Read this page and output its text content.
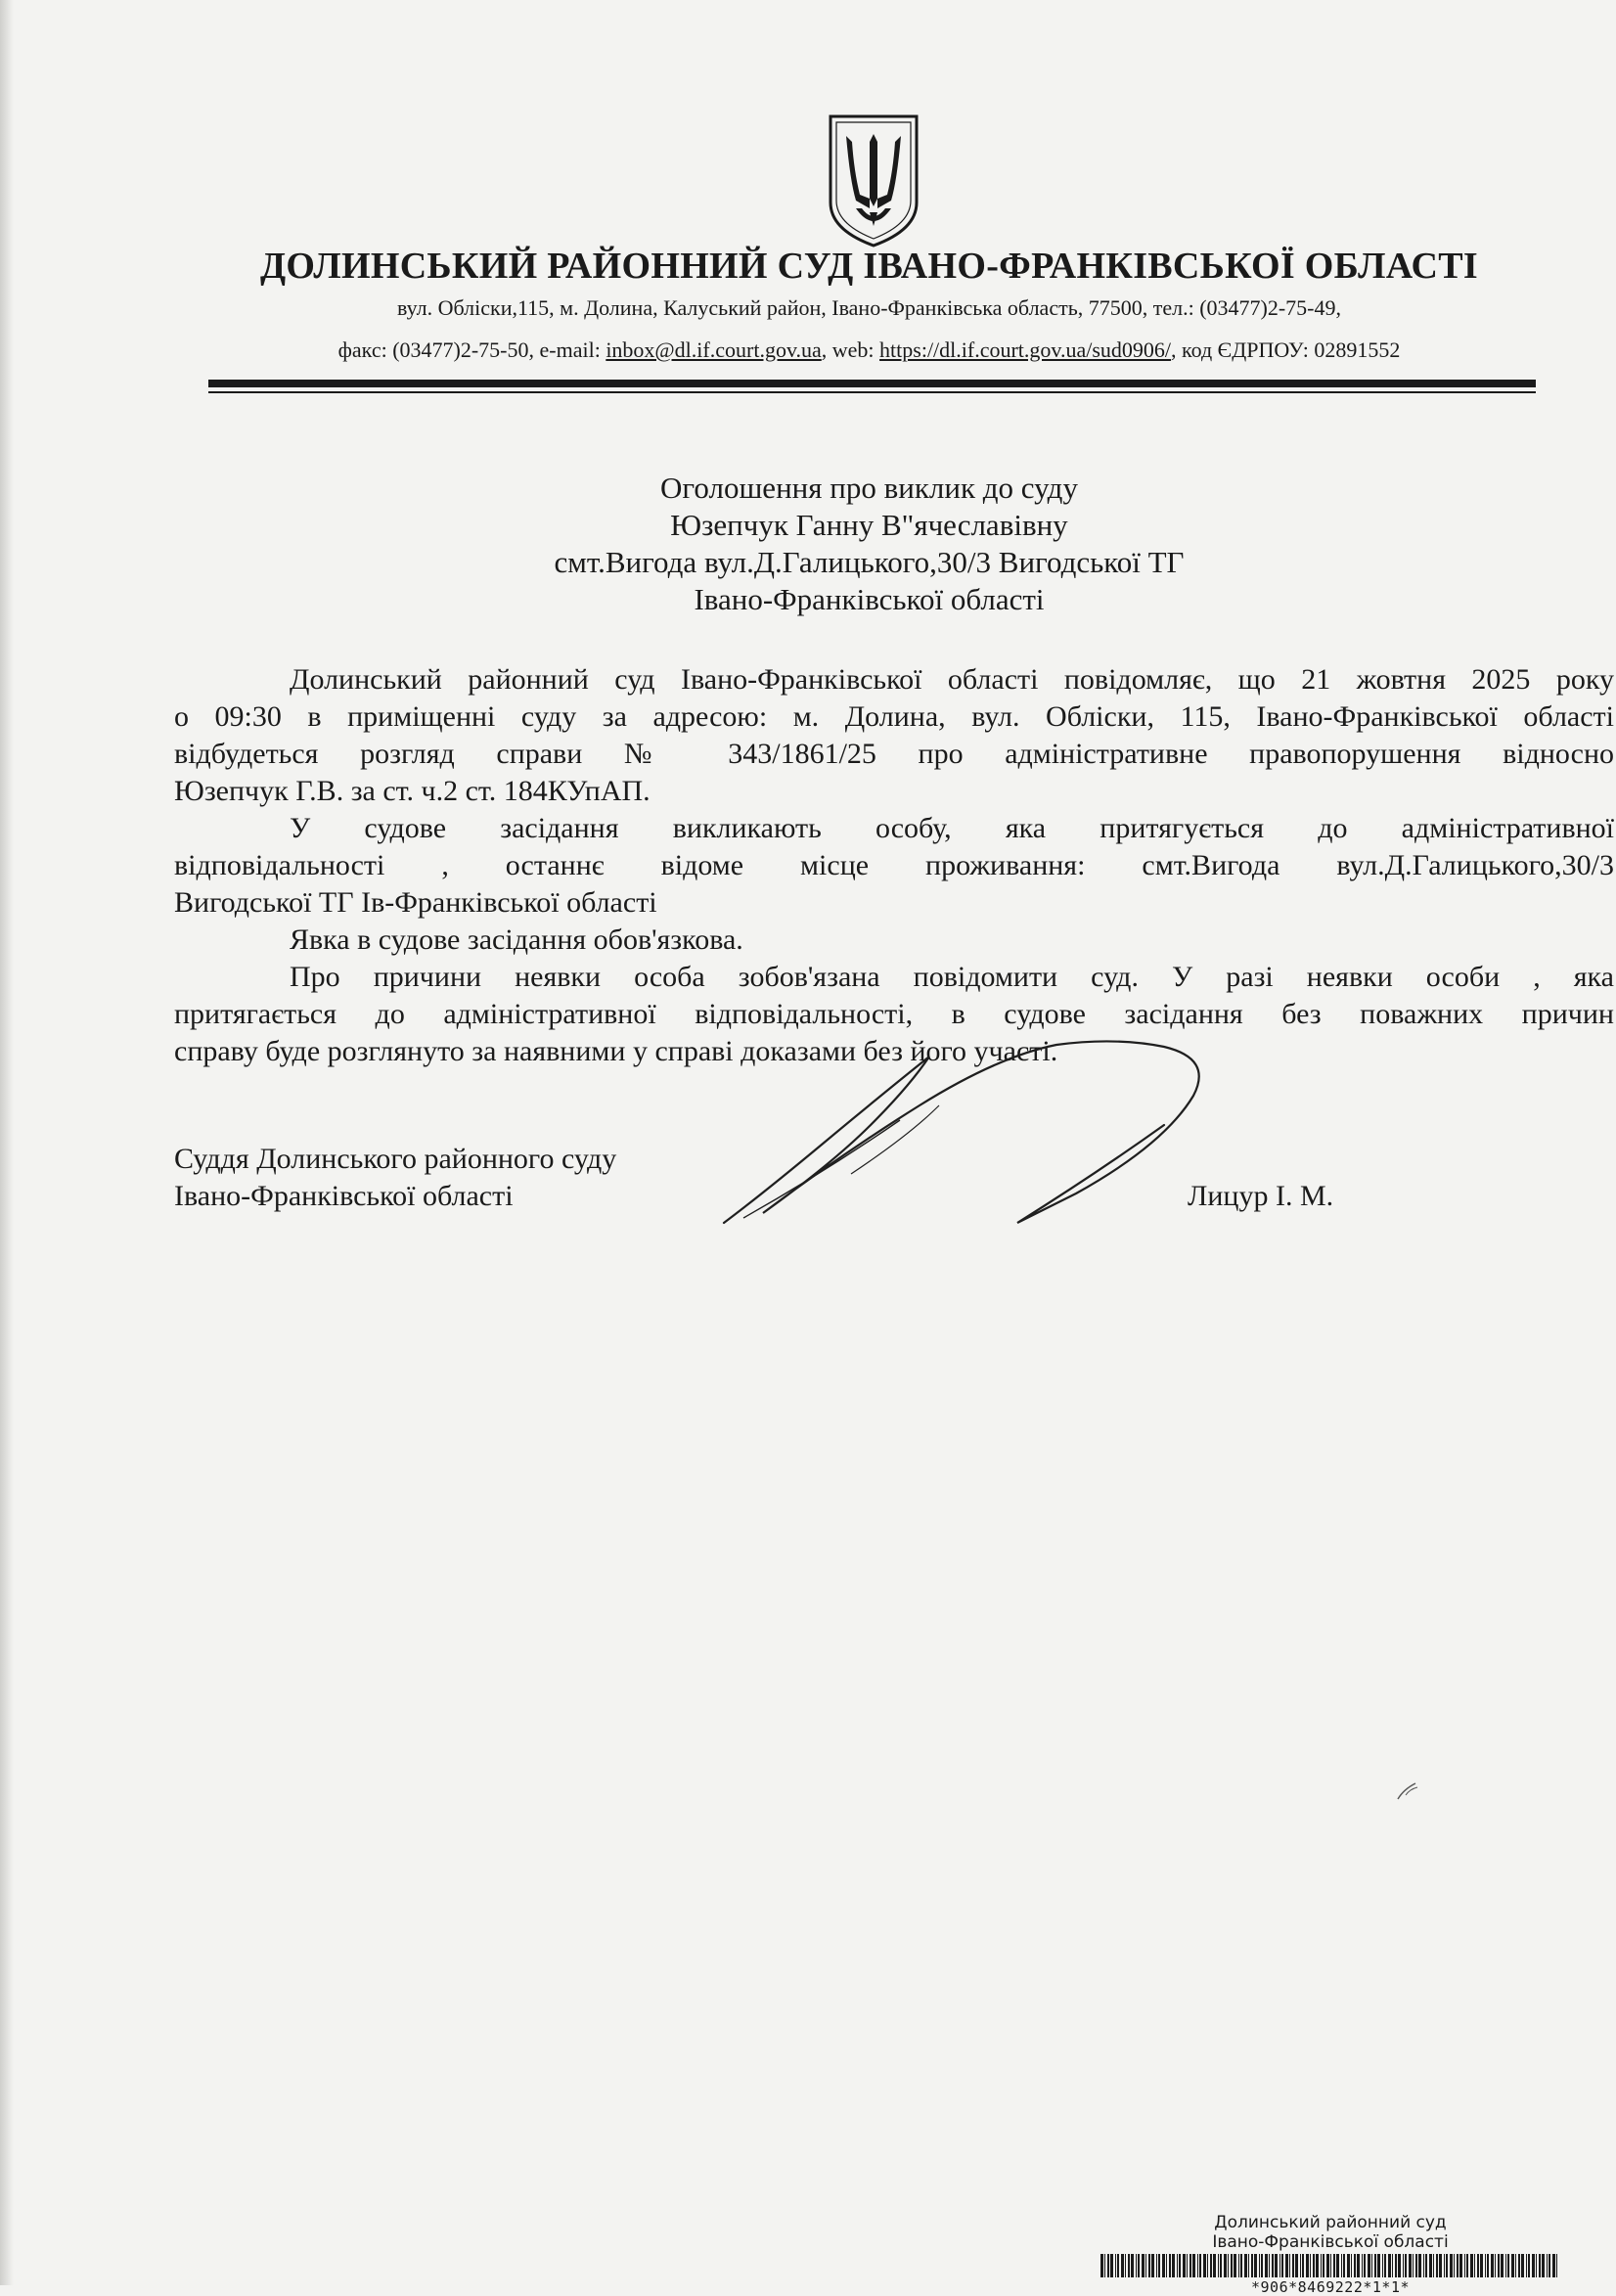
ДОЛИНСЬКИЙ РАЙОННИЙ СУД ІВАНО-ФРАНКІВСЬКОЇ ОБЛАСТІ
вул. Обліски,115, м. Долина, Калуський район, Івано-Франківська область, 77500, тел.: (03477)2-75-49,
факс: (03477)2-75-50, e-mail: inbox@dl.if.court.gov.ua, web: https://dl.if.court.gov.ua/sud0906/, код ЄДРПОУ: 02891552
Оголошення про виклик до суду
Юзепчук Ганну В"ячеславівну
смт.Вигода вул.Д.Галицького,30/3 Вигодської ТГ
Івано-Франківської області
Долинський районний суд Івано-Франківської області повідомляє, що 21 жовтня 2025 року
о 09:30 в приміщенні суду за адресою: м. Долина, вул. Обліски, 115, Івано-Франківської області
відбудеться розгляд справи № 343/1861/25 про адміністративне правопорушення відносно
Юзепчук Г.В. за ст. ч.2 ст. 184КУпАП.
У судове засідання викликають особу, яка притягується до адміністративної
відповідальності , останнє відоме місце проживання: смт.Вигода вул.Д.Галицького,30/3
Вигодської ТГ Ів-Франківської області
Явка в судове засідання обов'язкова.
Про причини неявки особа зобов'язана повідомити суд. У разі неявки особи , яка
притягається до адміністративної відповідальності, в судове засідання без поважних причин
справу буде розглянуто за наявними у справі доказами без його участі.
Суддя Долинського районного суду
Івано-Франківської області	Лицур І. М.
Долинський районний суд
Івано-Франківської області
*906*8469222*1*1*
